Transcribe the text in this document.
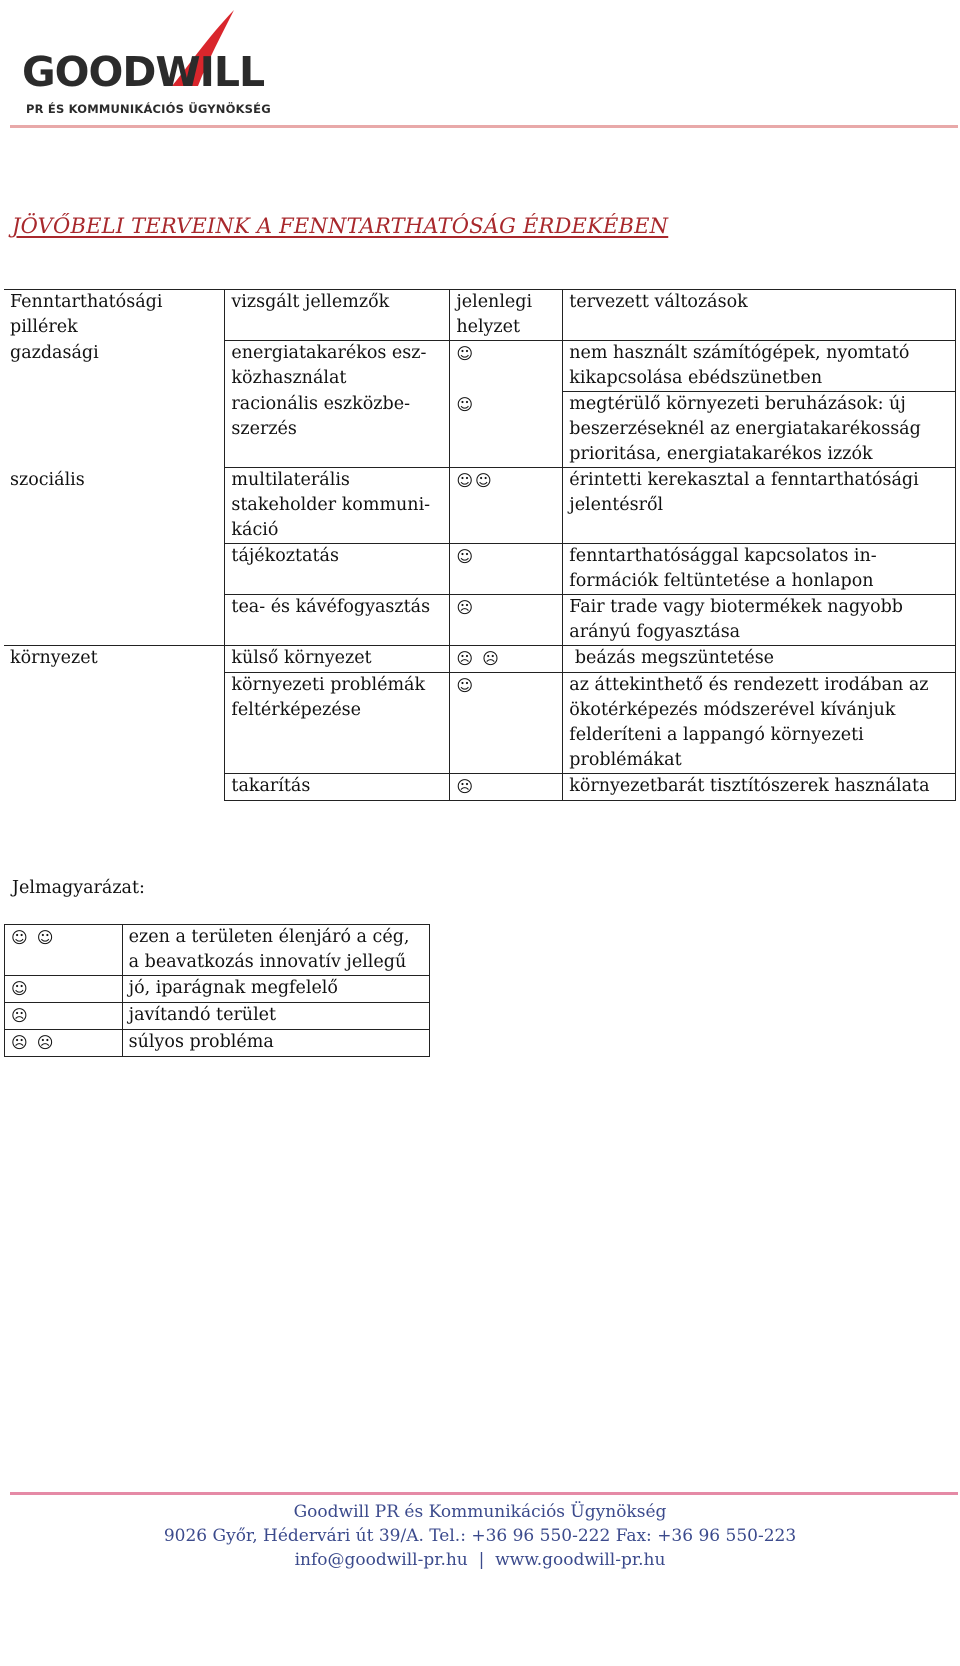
GOODWILL
PR ÉS KOMMUNIKÁCIÓS ÜGYNÖKSÉG
JÖVŐBELI TERVEINK A FENNTARTHATÓSÁG ÉRDEKÉBEN
Fenntarthatósági pillérek	vizsgált jellemzők	jelenlegi helyzet	tervezett változások
gazdasági	energiatakarékos eszközhasználat	☺	nem használt számítógépek, nyomtató kikapcsolása ebédszünetben
	racionális eszközbeszerzés	☺	megtérülő környezeti beruházások: új beszerzéseknél az energiatakarékosság prioritása, energiatakarékos izzók
szociális	multilaterális stakeholder kommunikáció	☺☺	érintetti kerekasztal a fenntarthatósági jelentésről
	tájékoztatás	☺	fenntarthatósággal kapcsolatos információk feltüntetése a honlapon
	tea- és kávéfogyasztás	☹	Fair trade vagy biotermékek nagyobb arányú fogyasztása
környezet	külső környezet	☹ ☹	beázás megszüntetése
	környezeti problémák feltérképezése	☺	az áttekinthető és rendezett irodában az ökotérképezés módszerével kívánjuk felderíteni a lappangó környezeti problémákat
	takarítás	☹	környezetbarát tisztítószerek használata
Jelmagyarázat:
☺ ☺	ezen a területen élenjáró a cég, a beavatkozás innovatív jellegű
☺	jó, iparágnak megfelelő
☹	javítandó terület
☹ ☹	súlyos probléma
Goodwill PR és Kommunikációs Ügynökség
9026 Győr, Hédervári út 39/A. Tel.: +36 96 550-222 Fax: +36 96 550-223
info@goodwill-pr.hu  |  www.goodwill-pr.hu
